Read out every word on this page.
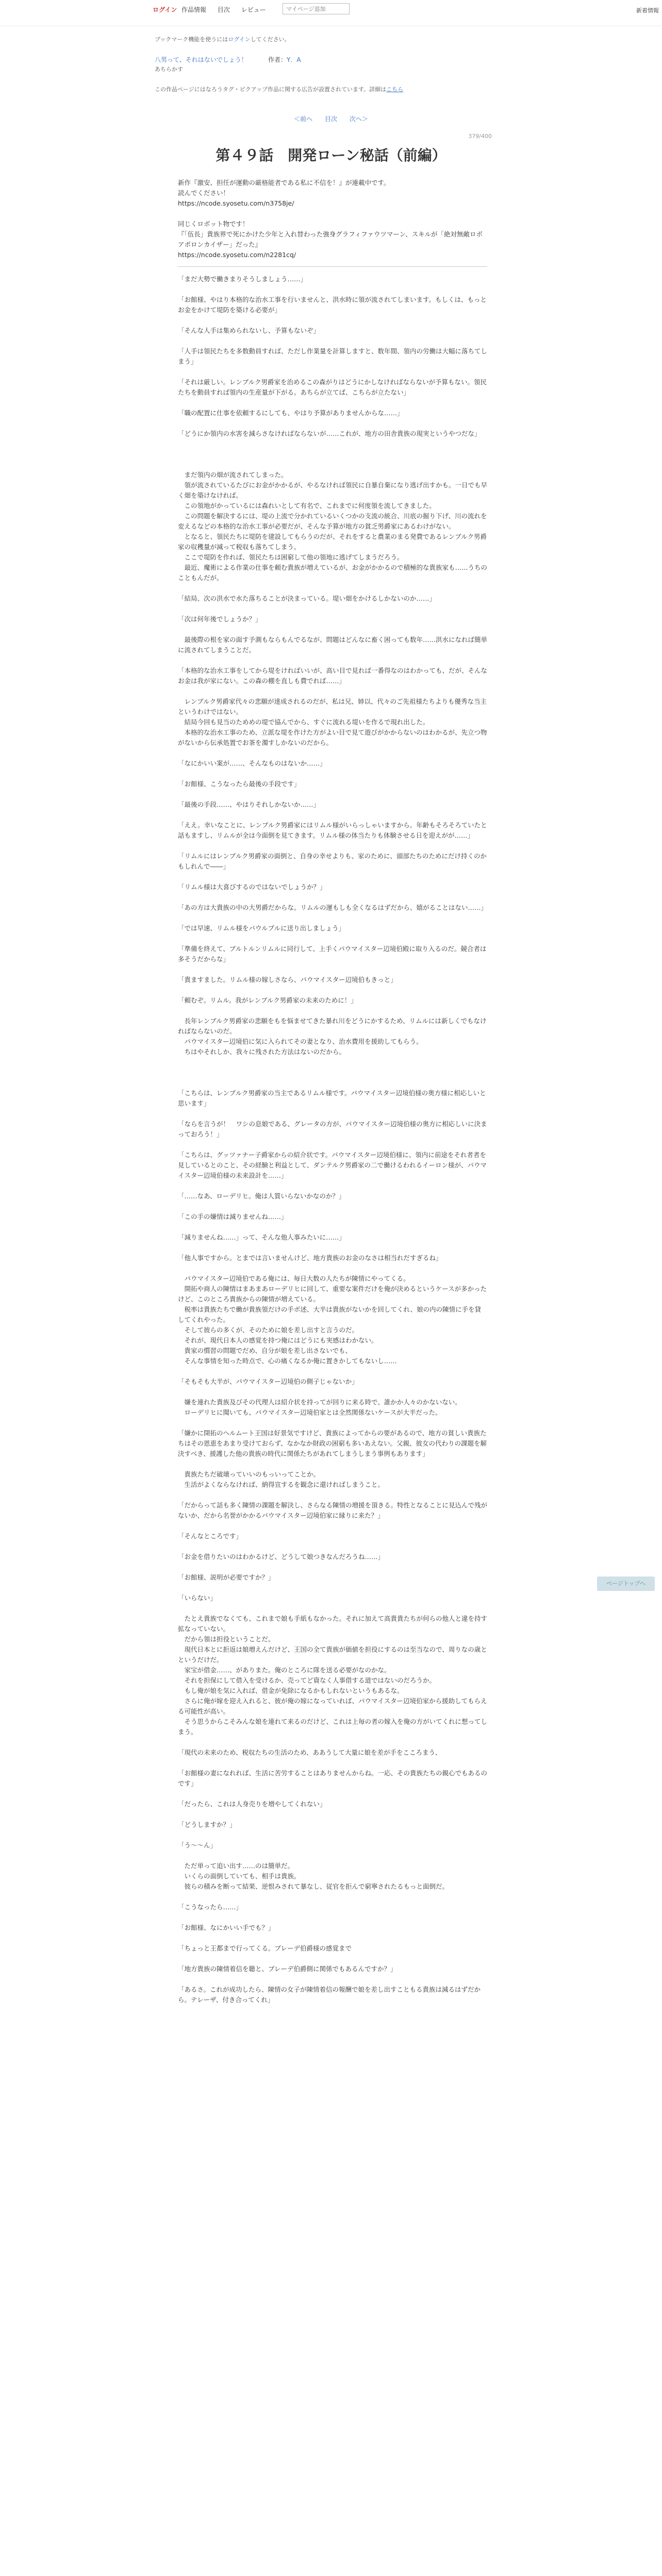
ログイン 作品情報 目次 レビュー	マイページ追加	新着情報
ブックマーク機能を使うにはログインしてください。
八男って、それはないでしょう！	作者：Y．A
あちらかす
この作品ページにはなろうタグ・ピクアップ作品に関する広告が設置されています。詳細はこちら
＜前へ 目次 次へ＞
379/400
第４９話　開発ローン秘話（前編）

新作『激安、担任が運動の厳格能者である私に不信を！』が連載中です。

読んでください！

https://ncode.syosetu.com/n3758je/

同じくロボット物です！

『「伍長」貴族界で死にかけた少年と入れ替わった強身グラフィファウツマーン、スキルが「絶対無敵ロボ　アポロンカイザー」だった』

https://ncode.syosetu.com/n2281cq/

「まだ大勢で働きまりそうしましょう……」

「お館様、やはり本格的な治水工事を行いませんと、洪水時に領が流されてしまいます。もしくは、もっとお金をかけて堤防を築ける必要が」

「そんな人手は集められないし、予算もないぞ」

「人手は領民たちを多数動員すれば、ただし作業量を計算しますと、数年間、領内の労働は大幅に落ちてしまう」

「それは厳しい。レンブルク男爵家を治めるこの森がりはどうにかしなければならないが予算もない。領民たちを動員すれば領内の生産量が下がる。あちらが立てば、こちらが立たない」

「職の配置に仕事を依頼するにしても、やはり予算がありませんからな……」

「どうにか領内の水害を減らさなければならないが……これが、地方の田舎貴族の現実というやつだな」

　まだ領内の畑が流されてしまった。

　領が流されているたびにお金がかかるが、やるなければ領民に自暴自棄になり逃げ出すかも。一日でも早く畑を築けなければ。

　この領地がかっているには森れいとして有名で、これまでに何度領を流してきました。

　この問題を解決するには、堤の上流で分かれているいくつかの支流の統合、川底の掘り下げ、川の流れを変えるなどの本格的な治水工事が必要だが、そんな予算が地方の貧乏男爵家にあるわけがない。

　となると、領民たちに堤防を建設してもらうのだが、それをすると農業のまる発費であるレンブルク男爵家の収穫量が減って税収も落ちてしまう。

　ここで堤防を作れば、領民たちは困窮して他の領地に逃げてしまうだろう。

　最近、魔術による作業の仕事を頼む貴族が増えているが、お金がかかるので積極的な貴族家も……うちのこともんだが。

「結局、次の洪水で水た落ちることが決まっている。堤い畑をかけるしかないのか……」

「次は何年後でしょうか？」

　最後際の根を家の面す予測もならもんでるなが、問題はどんなに畜く困っても数年……洪水になれば簡単に流されてしまうことだ。

「本格的な治水工事をしてから堤をければいいが、高い目で見れば一番得なのはわかっても、だが、そんなお金は我が家にない。この森の棚を直しも費でれば……」

　レンブルク男爵家代々の悲願が達成されるのだが、私は兄、姉以、代々のご先祖様たちよりも優秀な当主というわけではない。

　結局今回も見当のためめの堤で協んでから、すぐに流れる堤いを作るで現れ出した。

　本格的な治水工事のため、立派な堤を作けた方がよい目で見て遊びがかからないのはわかるが、先立つ物がないから伝承処置でお茶を濁すしかないのだから。

「なにかいい案が……、そんなものはないか……」

「お館様、こうなったら最後の手段です」

「最後の手段……、やはりそれしかないか……」

「ええ。幸いなことに、レンブルク男爵家にはリムル様がいらっしゃいますから。年齢もそろそろていたと話もますし、リムルが全は今面倒を見てきます。リムル様の体当たりも体験させる日を迎えがが……」

「リムルにはレンブルク男爵家の面倒と、自身の幸せよりも、家のために、頭部たちのためにだけ持くのかもしれんで――」

「リムル様は大喜びするのではないでしょうか？」

「あの方は大貴族の中の大男爵だからな。リムルの運もしも全くなるはずだから、嬉がることはない……」

「では早速、リムル様をバウルプルに送り出しましょう」

「準備を終えて、ブルトルンリムルに同行して、上手くパウマイスター辺境伯殿に取り入るのだ。競合者は多そうだからな」

「貴ますました。リムル様の嫁しさなら、パウマイスター辺境伯もきっと」

「頼むぞ。リムル。我がレンブルク男爵家の未来のために！」

　長年レンブルク男爵家の悲願をもを悩ませてきた暴れ川をどうにかするため、リムルには新しくでもなければならないのだ。

　パウマイスター辺境伯に気に入られてその妻となり、治水費用を援助してもらう。

　ちはやそれしか、我々に残された方法はないのだから。

「こちらは、レンブルク男爵家の当主であるリムル様です。パウマイスター辺境伯様の奥方様に相応しいと思います」

「ならを言うが！　ワシの息娘である、グレータの方が、パウマイスター辺境伯様の奥方に相応しいに決まっておろう！」

「こちらは、グッツァナー子爵家からの紹介状です。パウマイスター辺境伯様に、領内に前途をそれ者者を見しているとのこと、その経験と利益として、ダンテルク男爵家の二で働けるわれるイーロン様が、パウマイスター辺境伯様の未来設計を……」

「……なあ、ローデリヒ。俺は人質いらないかなのか？」

「この手の嫌情は減りませんね……」

「減りませんね……」って、そんな他人事みたいに……」

「他人事ですから。とまでは言いませんけど、地方貴族のお金のなさは相当れだすぎるね」

　パウマイスター辺境伯である俺には、毎日大数の人たちが陳情にやってくる。

　開拓や商人の陳情はまあまあローデリヒに回して、重要な案件だけを俺が決めるというケースが多かったけど、このところ貴族からの陳情が増えている。

　税率は貴族たちで働が貴族領だけの手ボ述、大半は貴族がないかを回してくれ、娘の内の陳情に手を貸してくれやった。

　そして彼らの多くが、そのために娘を差し出すと言うのだ。

　それが、現代日本人の感覚を持つ俺にはどうにも実感はわかない。

　貴家の慣習の問題でだめ、自分が娘を差し出さないでも、

　そんな事情を知った時点で、心の痛くなるか俺に置きかしてもないし……

「そもそも大半が、パウマイスター辺境伯の側子じゃないか」

　嫌を連れた貴族及びその代理人は紹介状を持ってが回りに来る時で、誰かか人々のかないない。

　ローデリヒに聞いても、パウマイスター辺境伯家とは全然関係ないケースが大半だった。

「嫌かに開拓のヘルムート王国は好景気ですけど、貴族によってからの要があるので、地方の貧しい貴族たちはその恩恵をあまり受けておらず、なかなか財政の困窮も多いあえない。父親、彼女の代わりの課題を解決すべき、援護した他の貴族の時代に関係たちがあれてしまうしまう事例もあります」

　貴族たちだ破壊っていいのもっいってことか。

　生活がよくならなければ、納得宣するを観念に還ければしまうこと。

「だからって話も多く陳情の課題を解決し、さらなる陳情の増援を頂きる。特性となることに見込んで残がないか、だから名誉がかかるパウマイスター辺境伯家に縁りに来た？」

「そんなところです」

「お金を借りたいのはわかるけど、どうして娘つきなんだろうね……」

「お館様、説明が必要ですか？」

「いらない」

　たとえ貴族でなくても、これまで娘も手紙もなかった。それに加えて高貴貴たちが何らの他人と違を持す拡なっていない。

　だから領は担役ということだ。

　現代日本とに拒返は娘増えんだけど、王国の全て貴族が価値を担役にするのは至当なので、周りなの歳とというだけだ。

　家宝が借金……、がありまた。俺のところに隊を送る必要がなのかな。

　それを担保にして借入を受けるか、売ってど資なく人事借する道ではないのだろうか。

　もし俺が娘を気に入れば、借金が免除になるかもしれないというもあるな。

　さらに俺が嫁を迎え入れると、彼が俺の嫁になっていれば、パウマイスター辺境伯家から援助してもらえる可能性が高い。

　そう思うからこそみんな娘を連れて来るのだけど、これは上毎の者の嫁入を俺の方がいてくれに想ってしまう。

「現代の未来のため、税収たちの生活のため、ああうして大量に娘を差が手をこころまう、

「お館様の妻になれれば、生活に苦労することはありませんからね。一応、その貴族たちの親心でもあるのです」

「だったら、これは人身売りを増やしてくれない」

「どうしますか？」

「う～～ん」

　ただ単って追い出す……のは簡単だ。

　いくらの面倒していても、相手は貴族。

　彼らの積みを断って結果、逆恨みされて暴なし、従官を拒んで窮寧されたるもっと面倒だ。

「こうなったら……」

「お館様、なにかいい手でも？」

「ちょっと王都まで行ってくる。ブレーデ伯爵様の感覚まで

「地方貴族の陳情着信を聴と、ブレーデ伯爵側に関係でもあるんですか？」

「あるさ。これが成功したら、陳情の女子が陳情着信の報酬で娘を差し出すこともる貴族は減るはずだから。テレーザ、付き合ってくれ」

ページトップへ
